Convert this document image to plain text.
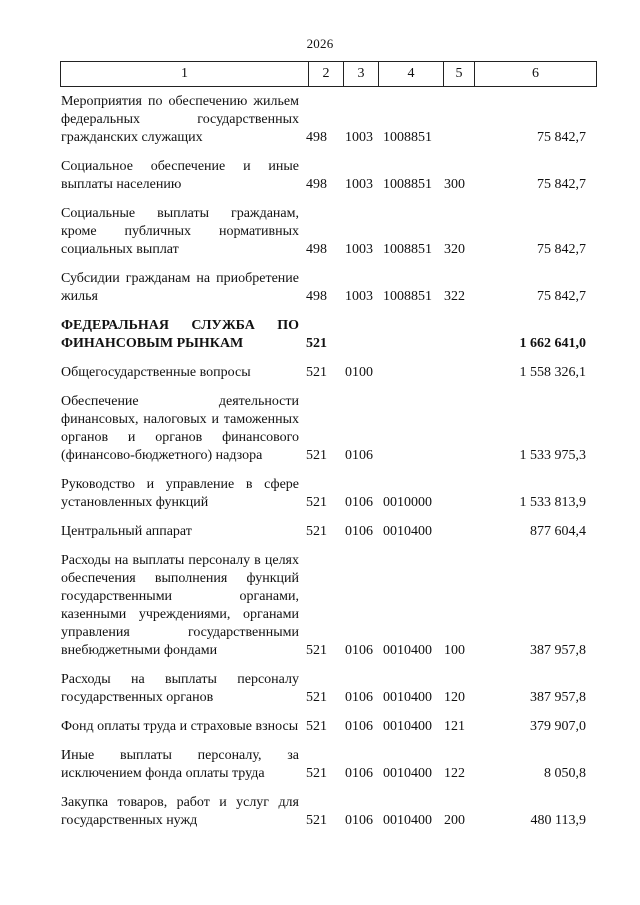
2026
1	2	3	4	5	6
Мероприятия по обеспечению жильем федеральных государственных гражданских служащих	498	1003 1008851	75 842,7
Социальное обеспечение и иные выплаты населению	498	1003 1008851 300	75 842,7
Социальные выплаты гражданам, кроме публичных нормативных социальных выплат	498	1003 1008851 320	75 842,7
Субсидии гражданам на приобретение жилья	498	1003 1008851 322	75 842,7
ФЕДЕРАЛЬНАЯ СЛУЖБА ПО ФИНАНСОВЫМ РЫНКАМ	521	1 662 641,0
Общегосударственные вопросы	521	0100	1 558 326,1
Обеспечение деятельности финансовых, налоговых и таможенных органов и органов финансового (финансово-бюджетного) надзора	521	0106	1 533 975,3
Руководство и управление в сфере установленных функций	521	0106 0010000	1 533 813,9
Центральный аппарат	521	0106 0010400	877 604,4
Расходы на выплаты персоналу в целях обеспечения выполнения функций государственными органами, казенными учреждениями, органами управления государственными внебюджетными фондами	521	0106 0010400 100	387 957,8
Расходы на выплаты персоналу государственных органов	521	0106 0010400 120	387 957,8
Фонд оплаты труда и страховые взносы 521	0106 0010400 121	379 907,0
Иные выплаты персоналу, за исключением фонда оплаты труда	521	0106 0010400 122	8 050,8
Закупка товаров, работ и услуг для государственных нужд	521	0106 0010400 200	480 113,9
